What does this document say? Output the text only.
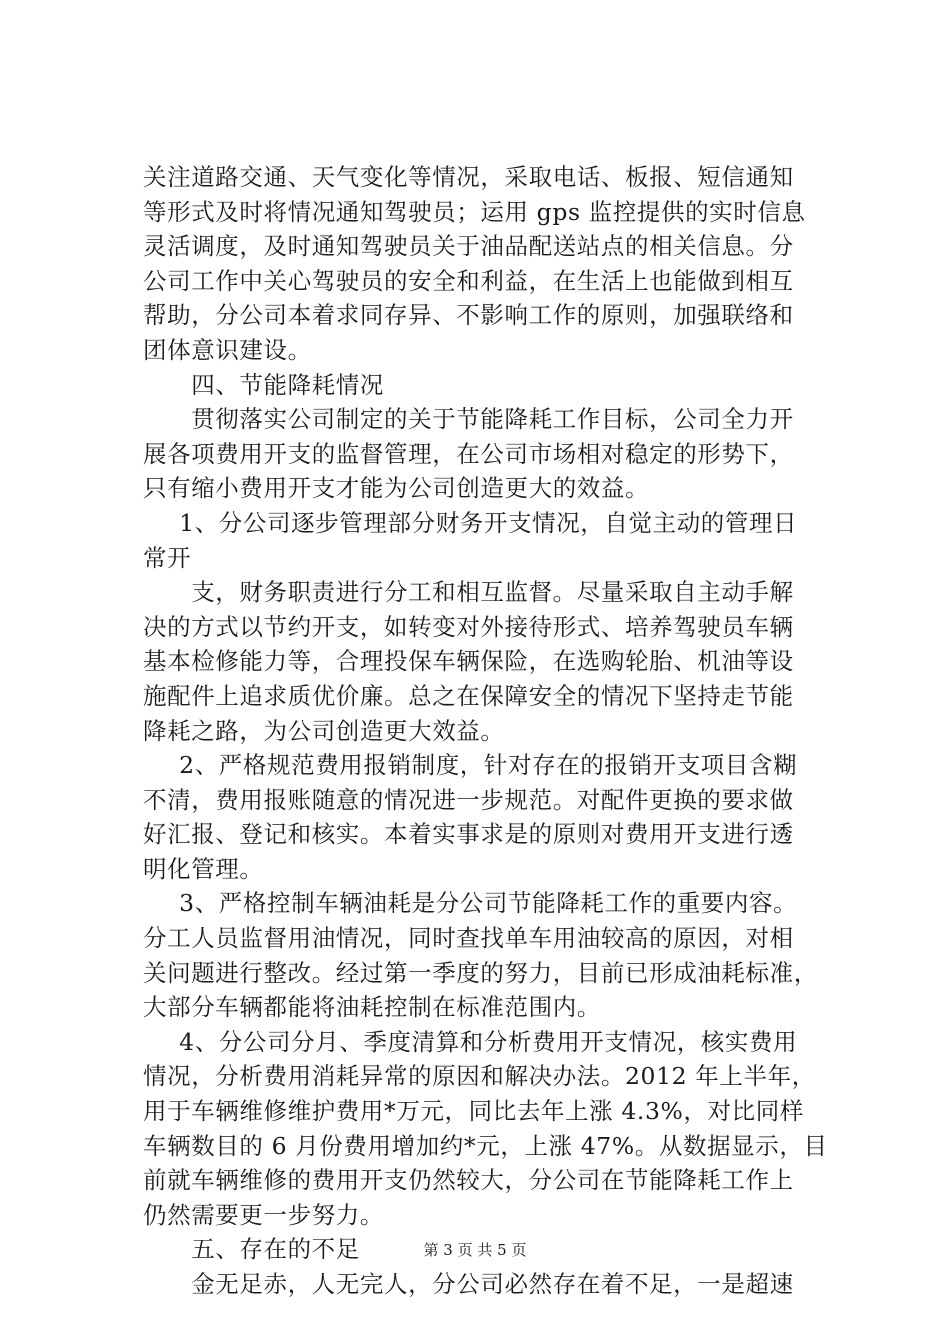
关注道路交通、天气变化等情况，采取电话、板报、短信通知
等形式及时将情况通知驾驶员；运用 gps 监控提供的实时信息
灵活调度，及时通知驾驶员关于油品配送站点的相关信息。分
公司工作中关心驾驶员的安全和利益，在生活上也能做到相互
帮助，分公司本着求同存异、不影响工作的原则，加强联络和
团体意识建设。
四、节能降耗情况
贯彻落实公司制定的关于节能降耗工作目标，公司全力开
展各项费用开支的监督管理，在公司市场相对稳定的形势下，
只有缩小费用开支才能为公司创造更大的效益。
1、分公司逐步管理部分财务开支情况，自觉主动的管理日
常开
支，财务职责进行分工和相互监督。尽量采取自主动手解
决的方式以节约开支，如转变对外接待形式、培养驾驶员车辆
基本检修能力等，合理投保车辆保险，在选购轮胎、机油等设
施配件上追求质优价廉。总之在保障安全的情况下坚持走节能
降耗之路，为公司创造更大效益。
2、严格规范费用报销制度，针对存在的报销开支项目含糊
不清，费用报账随意的情况进一步规范。对配件更换的要求做
好汇报、登记和核实。本着实事求是的原则对费用开支进行透
明化管理。
3、严格控制车辆油耗是分公司节能降耗工作的重要内容。
分工人员监督用油情况，同时查找单车用油较高的原因，对相
关问题进行整改。经过第一季度的努力，目前已形成油耗标准，
大部分车辆都能将油耗控制在标准范围内。
4、分公司分月、季度清算和分析费用开支情况，核实费用
情况，分析费用消耗异常的原因和解决办法。2012 年上半年，
用于车辆维修维护费用*万元，同比去年上涨 4.3%，对比同样
车辆数目的 6 月份费用增加约*元，上涨 47%。从数据显示，目
前就车辆维修的费用开支仍然较大，分公司在节能降耗工作上
仍然需要更一步努力。
五、存在的不足
金无足赤，人无完人，分公司必然存在着不足，一是超速
第 3 页 共 5 页
